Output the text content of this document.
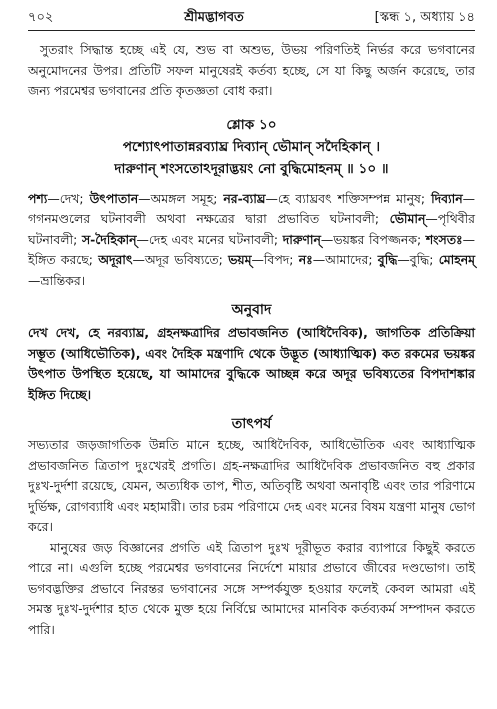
৭০২	শ্রীমদ্ভাগবত	[স্কন্ধ ১, অধ্যায় ১৪

সুতরাং সিদ্ধান্ত হচ্ছে এই যে, শুভ বা অশুভ, উভয় পরিণতিই নির্ভর করে ভগবানের অনুমোদনের উপর। প্রতিটি সফল মানুষেরই কর্তব্য হচ্ছে, সে যা কিছু অর্জন করেছে, তার জন্য পরমেশ্বর ভগবানের প্রতি কৃতজ্ঞতা বোধ করা।

শ্লোক ১০
পশ্যোৎপাতান্নরব্যাঘ্র দিব্যান্ ভৌমান্ সদৈহিকান্ ।
দারুণান্ শংসতোঽদূরাদ্ভয়ং নো বুদ্ধিমোহনম্ ॥ ১০ ॥

পশ্য—দেখ; উৎপাতান—অমঙ্গল সমূহ; নর-ব্যাঘ্র—হে ব্যাঘ্রবৎ শক্তিসম্পন্ন মানুষ; দিব্যান—গগনমণ্ডলের ঘটনাবলী অথবা নক্ষত্রের দ্বারা প্রভাবিত ঘটনাবলী; ভৌমান্—পৃথিবীর ঘটনাবলী; স-দৈহিকান্—দেহ এবং মনের ঘটনাবলী; দারুণান্—ভয়ঙ্কর বিপজ্জনক; শংসতঃ—ইঙ্গিত করছে; অদূরাৎ—অদূর ভবিষ্যতে; ভয়ম্—বিপদ; নঃ—আমাদের; বুদ্ধি—বুদ্ধি; মোহনম্—ভ্রান্তিকর।

অনুবাদ

দেখ দেখ, হে নরব্যাঘ্র, গ্রহনক্ষত্রাদির প্রভাবজনিত (আধিদৈবিক), জাগতিক প্রতিক্রিয়া সম্ভূত (আধিভৌতিক), এবং দৈহিক মন্ত্রণাদি থেকে উদ্ভূত (আধ্যাত্মিক) কত রকমের ভয়ঙ্কর উৎপাত উপস্থিত হয়েছে, যা আমাদের বুদ্ধিকে আচ্ছন্ন করে অদূর ভবিষ্যতের বিপদাশঙ্কার ইঙ্গিত দিচ্ছে।

তাৎপর্য

সভ্যতার জড়জাগতিক উন্নতি মানে হচ্ছে, আধিদৈবিক, আধিভৌতিক এবং আধ্যাত্মিক প্রভাবজনিত ত্রিতাপ দুঃখেরই প্রগতি। গ্রহ-নক্ষত্রাদির আধিদৈবিক প্রভাবজনিত বহু প্রকার দুঃখ-দুর্দশা রয়েছে, যেমন, অত্যধিক তাপ, শীত, অতিবৃষ্টি অথবা অনাবৃষ্টি এবং তার পরিণামে দুর্ভিক্ষ, রোগব্যাধি এবং মহামারী। তার চরম পরিণামে দেহ এবং মনের বিষম যন্ত্রণা মানুষ ভোগ করে।

মানুষের জড় বিজ্ঞানের প্রগতি এই ত্রিতাপ দুঃখ দূরীভূত করার ব্যাপারে কিছুই করতে পারে না। এগুলি হচ্ছে পরমেশ্বর ভগবানের নির্দেশে মায়ার প্রভাবে জীবের দণ্ডভোগ। তাই ভগবদ্ভক্তির প্রভাবে নিরন্তর ভগবানের সঙ্গে সম্পর্কযুক্ত হওয়ার ফলেই কেবল আমরা এই সমস্ত দুঃখ-দুর্দশার হাত থেকে মুক্ত হয়ে নির্বিঘ্নে আমাদের মানবিক কর্তব্যকর্ম সম্পাদন করতে পারি।
